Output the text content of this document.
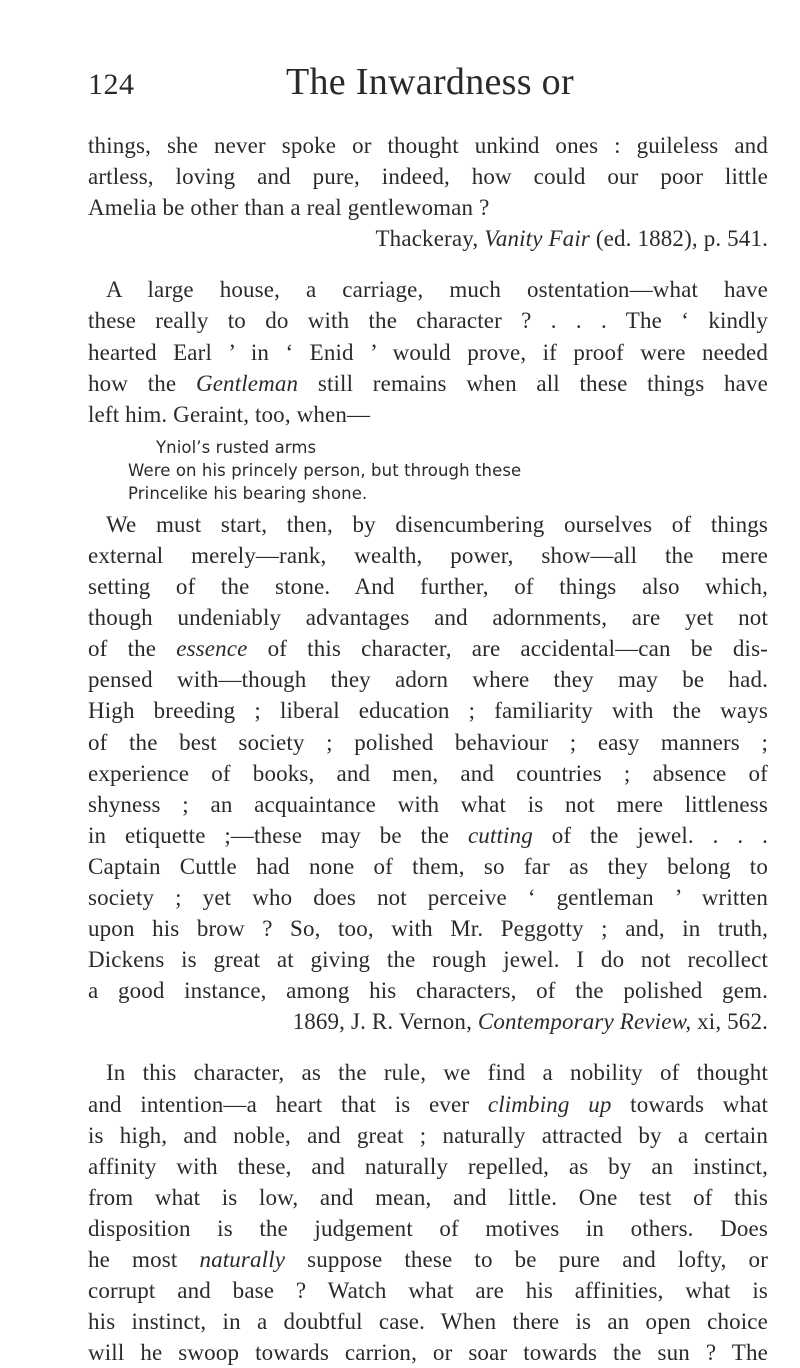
124	The Inwardness or

things, she never spoke or thought unkind ones : guileless and

artless, loving and pure, indeed, how could our poor little

Amelia be other than a real gentlewoman ?

Thackeray, Vanity Fair (ed. 1882), p. 541.

A large house, a carriage, much ostentation—what have

these really to do with the character ? . . . The ‘ kindly

hearted Earl ’ in ‘ Enid ’ would prove, if proof were needed

how the Gentleman still remains when all these things have

left him. Geraint, too, when—

Yniol’s rusted arms
Were on his princely person, but through these
Princelike his bearing shone.

We must start, then, by disencumbering ourselves of things

external merely—rank, wealth, power, show—all the mere

setting of the stone. And further, of things also which,

though undeniably advantages and adornments, are yet not

of the essence of this character, are accidental—can be dis-

pensed with—though they adorn where they may be had.

High breeding ; liberal education ; familiarity with the ways

of the best society ; polished behaviour ; easy manners ;

experience of books, and men, and countries ; absence of

shyness ; an acquaintance with what is not mere littleness

in etiquette ;—these may be the cutting of the jewel. . . .

Captain Cuttle had none of them, so far as they belong to

society ; yet who does not perceive ‘ gentleman ’ written

upon his brow ? So, too, with Mr. Peggotty ; and, in truth,

Dickens is great at giving the rough jewel. I do not recollect

a good instance, among his characters, of the polished gem.

1869, J. R. Vernon, Contemporary Review, xi, 562.

In this character, as the rule, we find a nobility of thought

and intention—a heart that is ever climbing up towards what

is high, and noble, and great ; naturally attracted by a certain

affinity with these, and naturally repelled, as by an instinct,

from what is low, and mean, and little. One test of this

disposition is the judgement of motives in others. Does

he most naturally suppose these to be pure and lofty, or

corrupt and base ? Watch what are his affinities, what is

his instinct, in a doubtful case. When there is an open choice

will he swoop towards carrion, or soar towards the sun ? The
